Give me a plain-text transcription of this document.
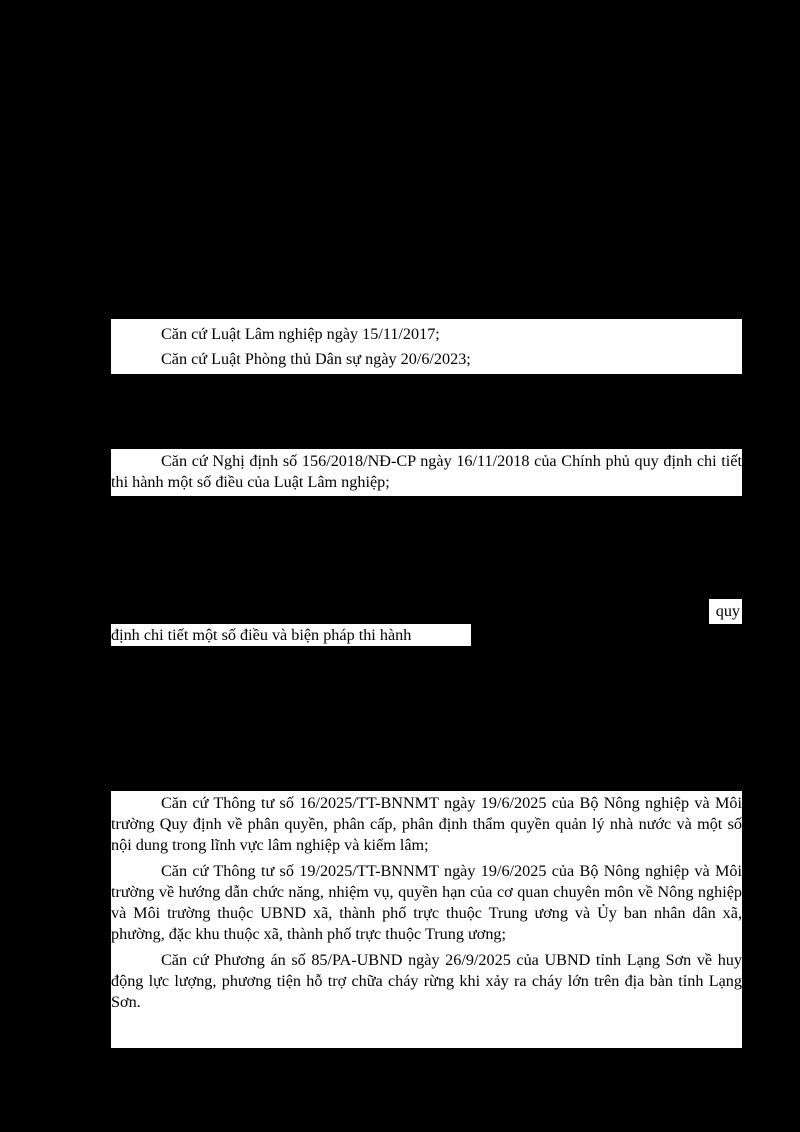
Căn cứ Luật Lâm nghiệp ngày 15/11/2017;

Căn cứ Luật Phòng thủ Dân sự ngày 20/6/2023;

Căn cứ Nghị định số 156/2018/NĐ-CP ngày 16/11/2018 của Chính phủ quy định chi tiết thi hành một số điều của Luật Lâm nghiệp;

quy
định chi tiết một số điều và biện pháp thi hành

Căn cứ Thông tư số 16/2025/TT-BNNMT ngày 19/6/2025 của Bộ Nông nghiệp và Môi trường Quy định về phân quyền, phân cấp, phân định thẩm quyền quản lý nhà nước và một số nội dung trong lĩnh vực lâm nghiệp và kiểm lâm;

Căn cứ Thông tư số 19/2025/TT-BNNMT ngày 19/6/2025 của Bộ Nông nghiệp và Môi trường về hướng dẫn chức năng, nhiệm vụ, quyền hạn của cơ quan chuyên môn về Nông nghiệp và Môi trường thuộc UBND xã, thành phố trực thuộc Trung ương và Ủy ban nhân dân xã, phường, đặc khu thuộc xã, thành phố trực thuộc Trung ương;

Căn cứ Phương án số 85/PA-UBND ngày 26/9/2025 của UBND tỉnh Lạng Sơn về huy động lực lượng, phương tiện hỗ trợ chữa cháy rừng khi xảy ra cháy lớn trên địa bàn tỉnh Lạng Sơn.
